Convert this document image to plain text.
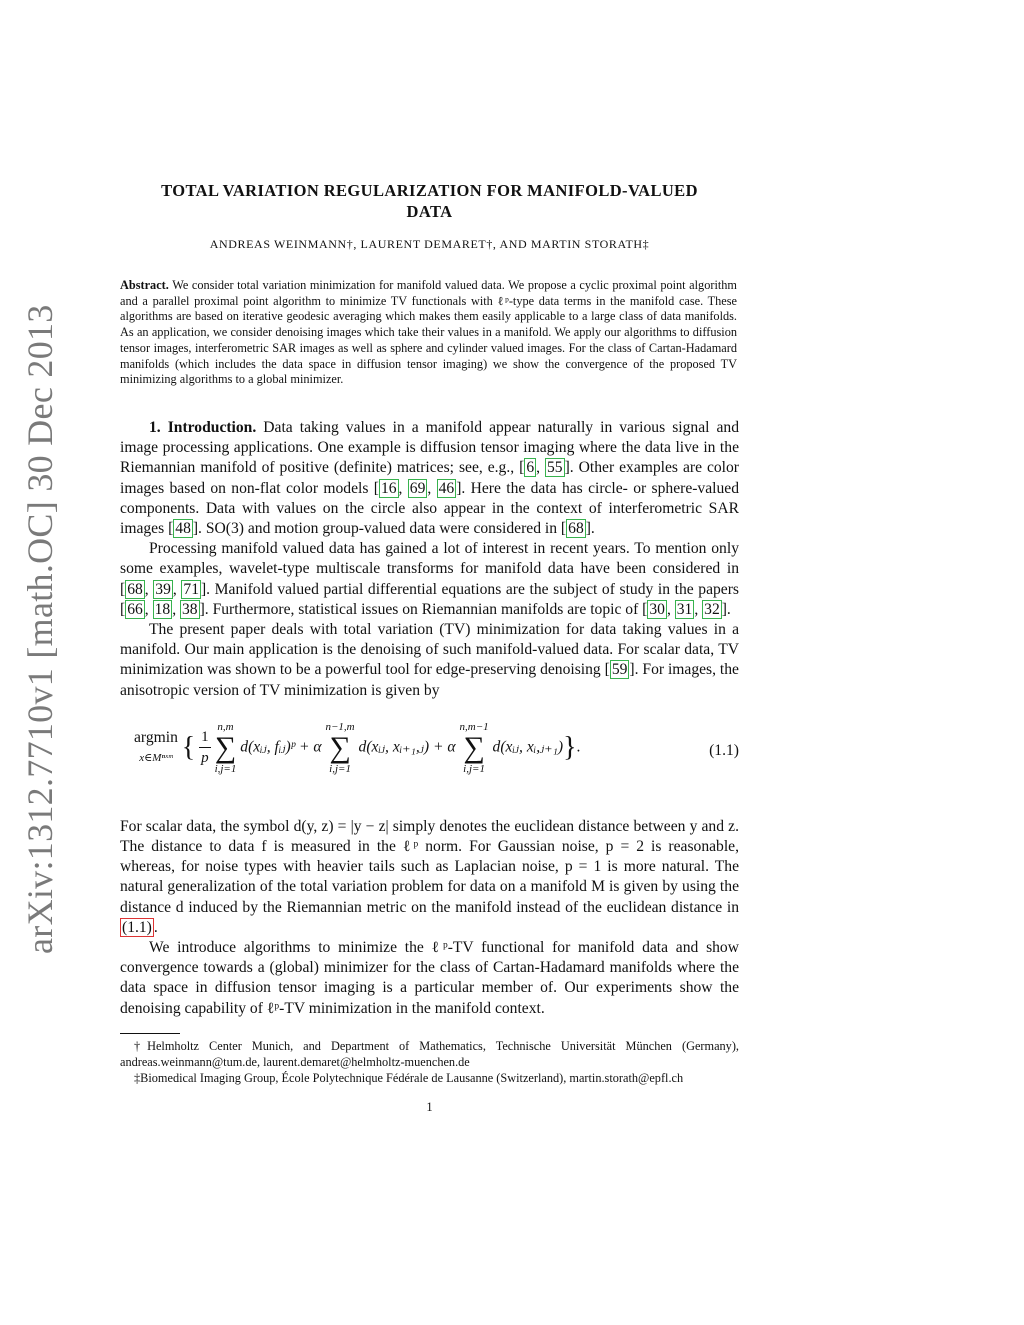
arXiv:1312.7710v1 [math.OC] 30 Dec 2013
TOTAL VARIATION REGULARIZATION FOR MANIFOLD-VALUED
DATA
ANDREAS WEINMANN†, LAURENT DEMARET†, AND MARTIN STORATH‡
Abstract. We consider total variation minimization for manifold valued data. We propose a cyclic proximal point algorithm and a parallel proximal point algorithm to minimize TV functionals with ℓᵖ-type data terms in the manifold case. These algorithms are based on iterative geodesic averaging which makes them easily applicable to a large class of data manifolds. As an application, we consider denoising images which take their values in a manifold. We apply our algorithms to diffusion tensor images, interferometric SAR images as well as sphere and cylinder valued images. For the class of Cartan-Hadamard manifolds (which includes the data space in diffusion tensor imaging) we show the convergence of the proposed TV minimizing algorithms to a global minimizer.

1. Introduction. Data taking values in a manifold appear naturally in various signal and image processing applications. One example is diffusion tensor imaging where the data live in the Riemannian manifold of positive (definite) matrices; see, e.g., [ 6 , 55 ]. Other examples are color images based on non-flat color models [ 16 , 69 , 46 ]. Here the data has circle- or sphere-valued components. Data with values on the circle also appear in the context of interferometric SAR images [ 48 ]. SO(3) and motion group-valued data were considered in [ 68 ].

Processing manifold valued data has gained a lot of interest in recent years. To mention only some examples, wavelet-type multiscale transforms for manifold data have been considered in [ 68 , 39 , 71 ]. Manifold valued partial differential equations are the subject of study in the papers [ 66 , 18 , 38 ]. Furthermore, statistical issues on Riemannian manifolds are topic of [ 30 , 31 , 32 ].

The present paper deals with total variation (TV) minimization for data taking values in a manifold. Our main application is the denoising of such manifold-valued data. For scalar data, TV minimization was shown to be a powerful tool for edge-preserving denoising [ 59 ]. For images, the anisotropic version of TV minimization is given by

argmin
x∈Mⁿˣᵐ { $\frac{1}{p}$
n,m
∑
i,j=1
d(xᵢⱼ, fᵢⱼ)ᵖ + α
n−1,m
∑
i,j=1
d(xᵢⱼ, xᵢ₊₁,ⱼ) + α
n,m−1
∑
i,j=1
d(xᵢⱼ, xᵢ,ⱼ₊₁)}.	(1.1)

For scalar data, the symbol d(y, z) = |y − z| simply denotes the euclidean distance between y and z. The distance to data f is measured in the ℓᵖ norm. For Gaussian noise, p = 2 is reasonable, whereas, for noise types with heavier tails such as Laplacian noise, p = 1 is more natural. The natural generalization of the total variation problem for data on a manifold M is given by using the distance d induced by the Riemannian metric on the manifold instead of the euclidean distance in (1.1) .

We introduce algorithms to minimize the ℓᵖ-TV functional for manifold data and show convergence towards a (global) minimizer for the class of Cartan-Hadamard manifolds where the data space in diffusion tensor imaging is a particular member of. Our experiments show the denoising capability of ℓᵖ-TV minimization in the manifold context.

†Helmholtz Center Munich, and Department of Mathematics, Technische Universität München (Germany), andreas.weinmann@tum.de, laurent.demaret@helmholtz-muenchen.de

‡Biomedical Imaging Group, École Polytechnique Fédérale de Lausanne (Switzerland), martin.storath@epfl.ch

1
